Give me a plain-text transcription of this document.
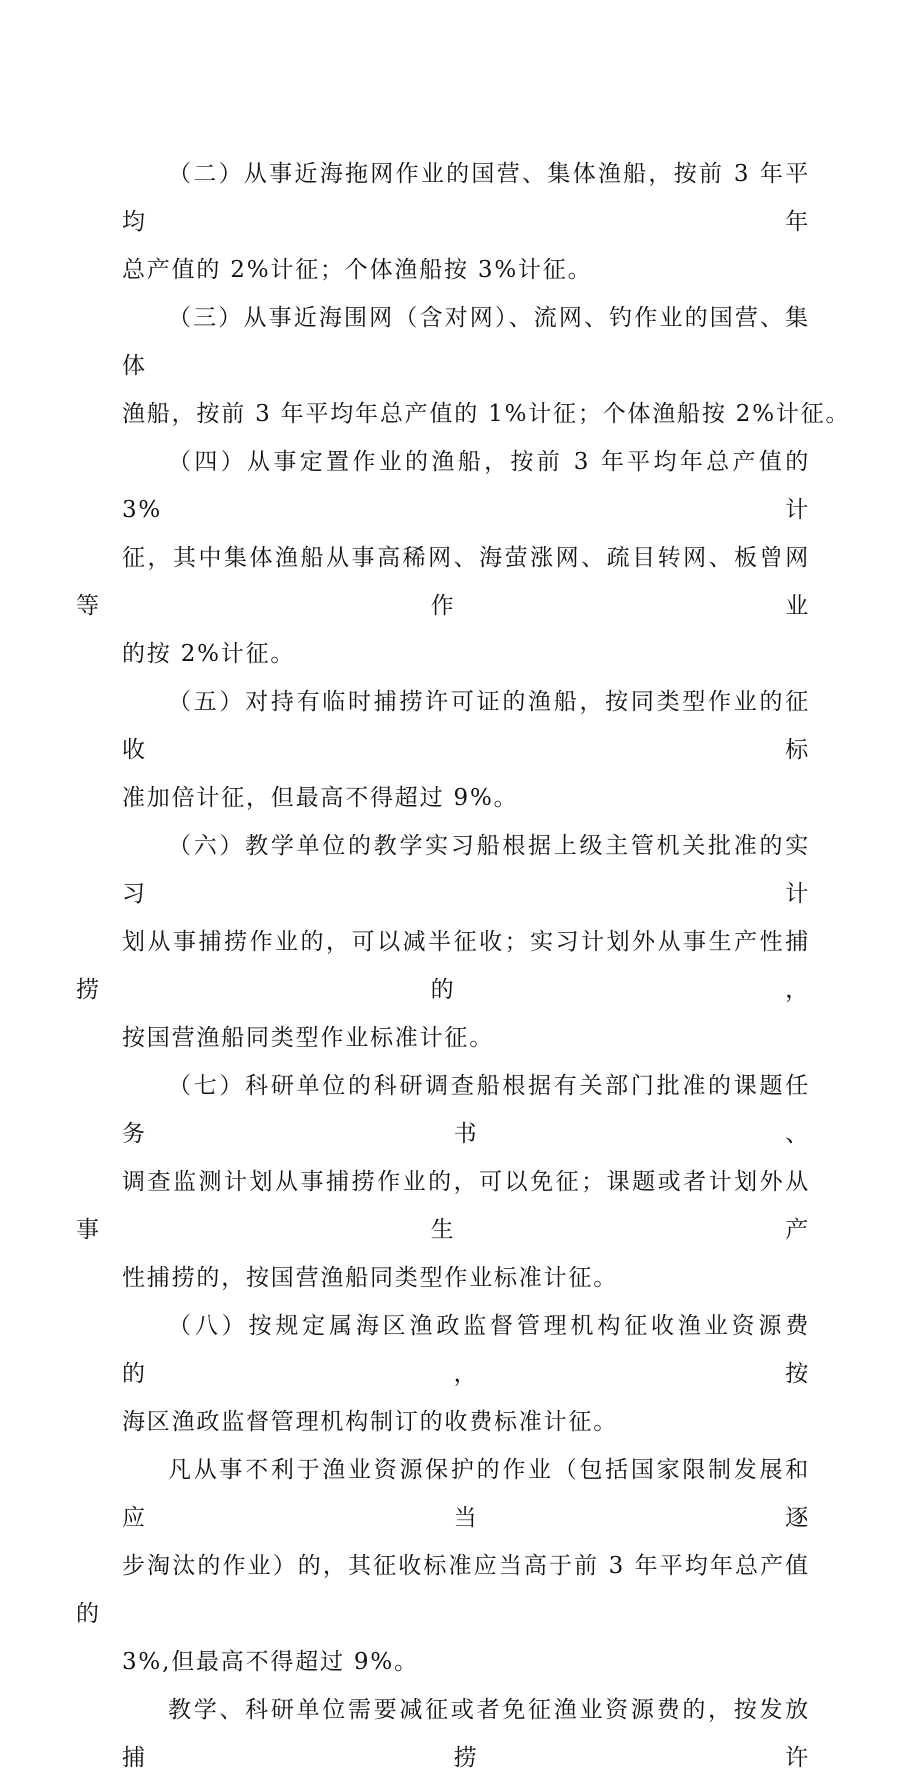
（二）从事近海拖网作业的国营、集体渔船，按前 3 年平均年
总产值的 2%计征；个体渔船按 3%计征。

（三）从事近海围网（含对网）、流网、钓作业的国营、集体
渔船，按前 3 年平均年总产值的 1%计征；个体渔船按 2%计征。

（四）从事定置作业的渔船，按前 3 年平均年总产值的 3%计
征，其中集体渔船从事高稀网、海萤涨网、疏目转网、板曾网等作业
的按 2%计征。

（五）对持有临时捕捞许可证的渔船，按同类型作业的征收标
准加倍计征，但最高不得超过 9%。

（六）教学单位的教学实习船根据上级主管机关批准的实习计
划从事捕捞作业的，可以减半征收；实习计划外从事生产性捕捞的，
按国营渔船同类型作业标准计征。

（七）科研单位的科研调查船根据有关部门批准的课题任务书、
调查监测计划从事捕捞作业的，可以免征；课题或者计划外从事生产
性捕捞的，按国营渔船同类型作业标准计征。

（八）按规定属海区渔政监督管理机构征收渔业资源费的，按
海区渔政监督管理机构制订的收费标准计征。

凡从事不利于渔业资源保护的作业（包括国家限制发展和应当逐
步淘汰的作业）的，其征收标准应当高于前 3 年平均年总产值的
3%,但最高不得超过 9%。

教学、科研单位需要减征或者免征渔业资源费的，按发放捕捞许
